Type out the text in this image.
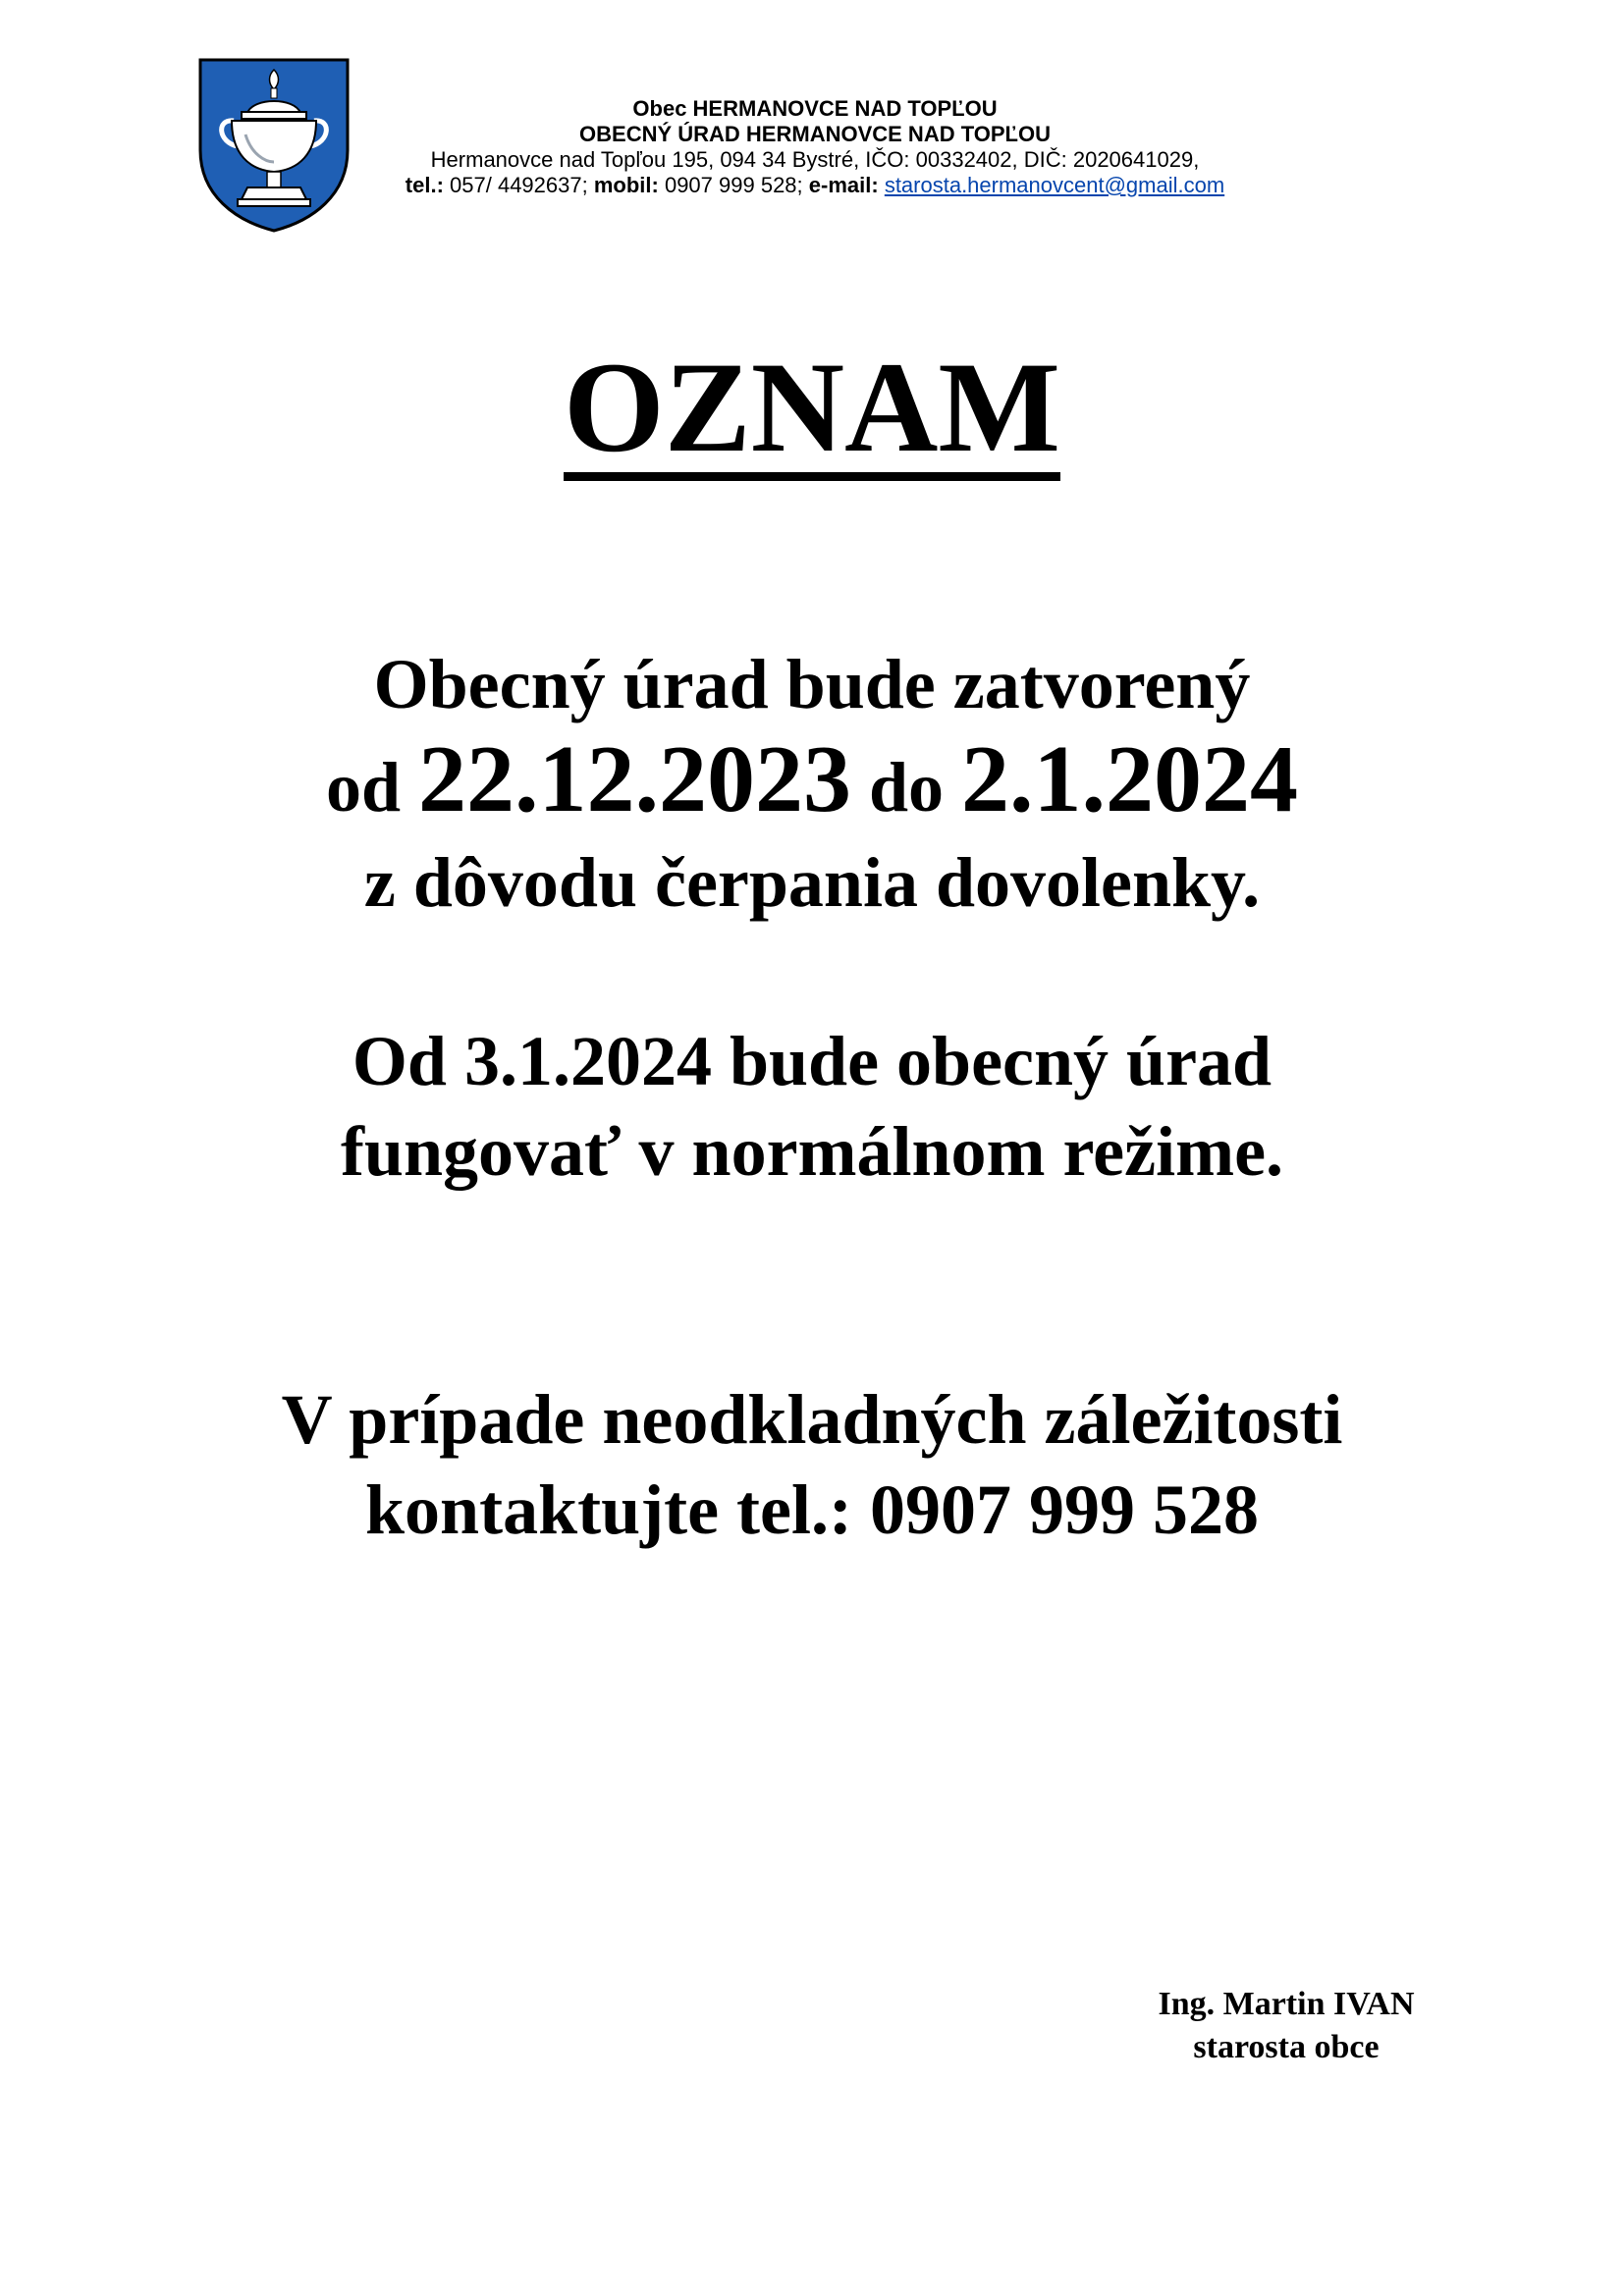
Obec HERMANOVCE NAD TOPĽOU
OBECNÝ ÚRAD HERMANOVCE NAD TOPĽOU
Hermanovce nad Topľou 195, 094 34 Bystré, IČO: 00332402, DIČ: 2020641029,
tel.: 057/ 4492637; mobil: 0907 999 528; e-mail: starosta.hermanovcent@gmail.com
OZNAM
Obecný úrad bude zatvorený
od 22.12.2023 do 2.1.2024
z dôvodu čerpania dovolenky.
Od 3.1.2024 bude obecný úrad
fungovať v normálnom režime.
V prípade neodkladných záležitosti
kontaktujte tel.: 0907 999 528
Ing. Martin IVAN
starosta obce
